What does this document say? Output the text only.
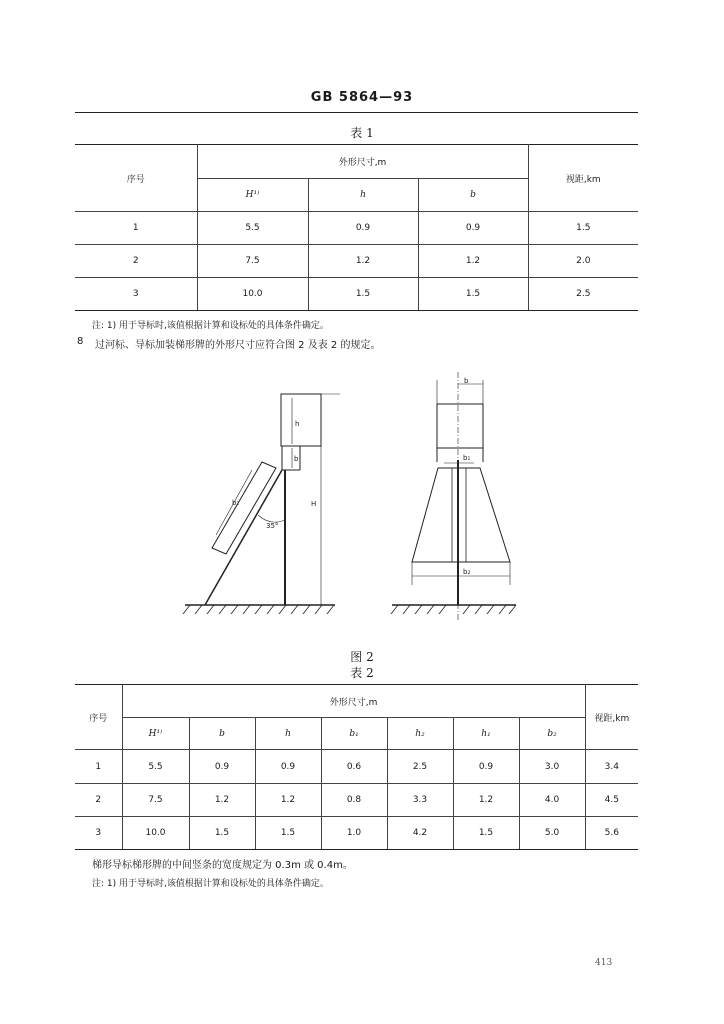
GB 5864—93
表 1
序号	外形尺寸,m			视距,km
	H¹⁾	h	b	
1	5.5	0.9	0.9	1.5
2	7.5	1.2	1.2	2.0
3	10.0	1.5	1.5	2.5
注: 1) 用于导标时,该值根据计算和设标处的具体条件确定。
8 过河标、导标加装梯形牌的外形尺寸应符合图 2 及表 2 的规定。
h
b
H
b₂
35°
b
b₁
b₂
图 2
表 2
序号	外形尺寸,m							视距,km
	H¹⁾	b	h	b₁	h₂	h₁	b₂	
1	5.5	0.9	0.9	0.6	2.5	0.9	3.0	3.4
2	7.5	1.2	1.2	0.8	3.3	1.2	4.0	4.5
3	10.0	1.5	1.5	1.0	4.2	1.5	5.0	5.6
梯形导标梯形牌的中间竖条的宽度规定为 0.3m 或 0.4m。
注: 1) 用于导标时,该值根据计算和设标处的具体条件确定。
413
